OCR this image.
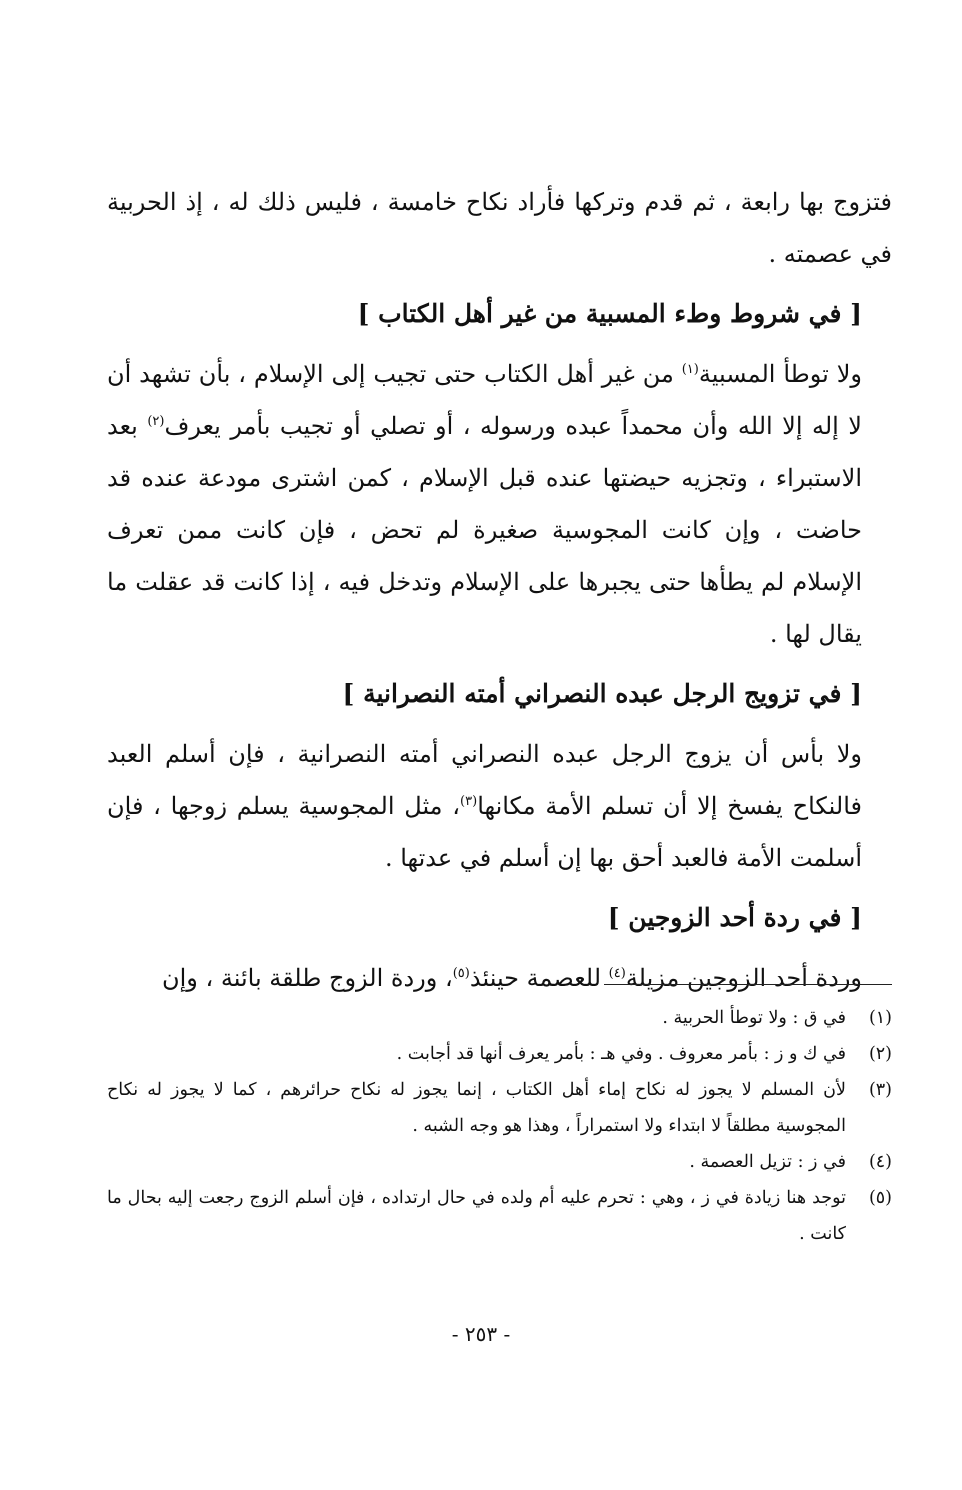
فتزوج بها رابعة ، ثم قدم وتركها فأراد نكاح خامسة ، فليس ذلك له ، إذ الحربية في عصمته .

[ في شروط وطء المسبية من غير أهل الكتاب ]

ولا توطأ المسبية$^{(١)}$ من غير أهل الكتاب حتى تجيب إلى الإسلام ، بأن تشهد أن لا إله إلا الله وأن محمداً عبده ورسوله ، أو تصلي أو تجيب بأمر يعرف$^{(٢)}$ بعد الاستبراء ، وتجزيه حيضتها عنده قبل الإسلام ، كمن اشترى مودعة عنده قد حاضت ، وإن كانت المجوسية صغيرة لم تحض ، فإن كانت ممن تعرف الإسلام لم يطأها حتى يجبرها على الإسلام وتدخل فيه ، إذا كانت قد عقلت ما يقال لها .

[ في تزويج الرجل عبده النصراني أمته النصرانية ]

ولا بأس أن يزوج الرجل عبده النصراني أمته النصرانية ، فإن أسلم العبد فالنكاح يفسخ إلا أن تسلم الأمة مكانها$^{(٣)}$، مثل المجوسية يسلم زوجها ، فإن أسلمت الأمة فالعبد أحق بها إن أسلم في عدتها .

[ في ردة أحد الزوجين ]

وردة أحد الزوجين مزيلة$^{(٤)}$ للعصمة حينئذ$^{(٥)}$، وردة الزوج طلقة بائنة ، وإن

(١)
في ق : ولا توطأ الحربية .
(٢)
في ك و ز : بأمر معروف . وفي هـ : بأمر يعرف أنها قد أجابت .
(٣)
لأن المسلم لا يجوز له نكاح إماء أهل الكتاب ، إنما يجوز له نكاح حرائرهم ، كما لا يجوز له نكاح المجوسية مطلقاً لا ابتداء ولا استمراراً ، وهذا هو وجه الشبه .
(٤)
في ز : تزيل العصمة .
(٥)
توجد هنا زيادة في ز ، وهي : تحرم عليه أم ولده في حال ارتداده ، فإن أسلم الزوج رجعت إليه بحال ما كانت .
- ٢٥٣ -
